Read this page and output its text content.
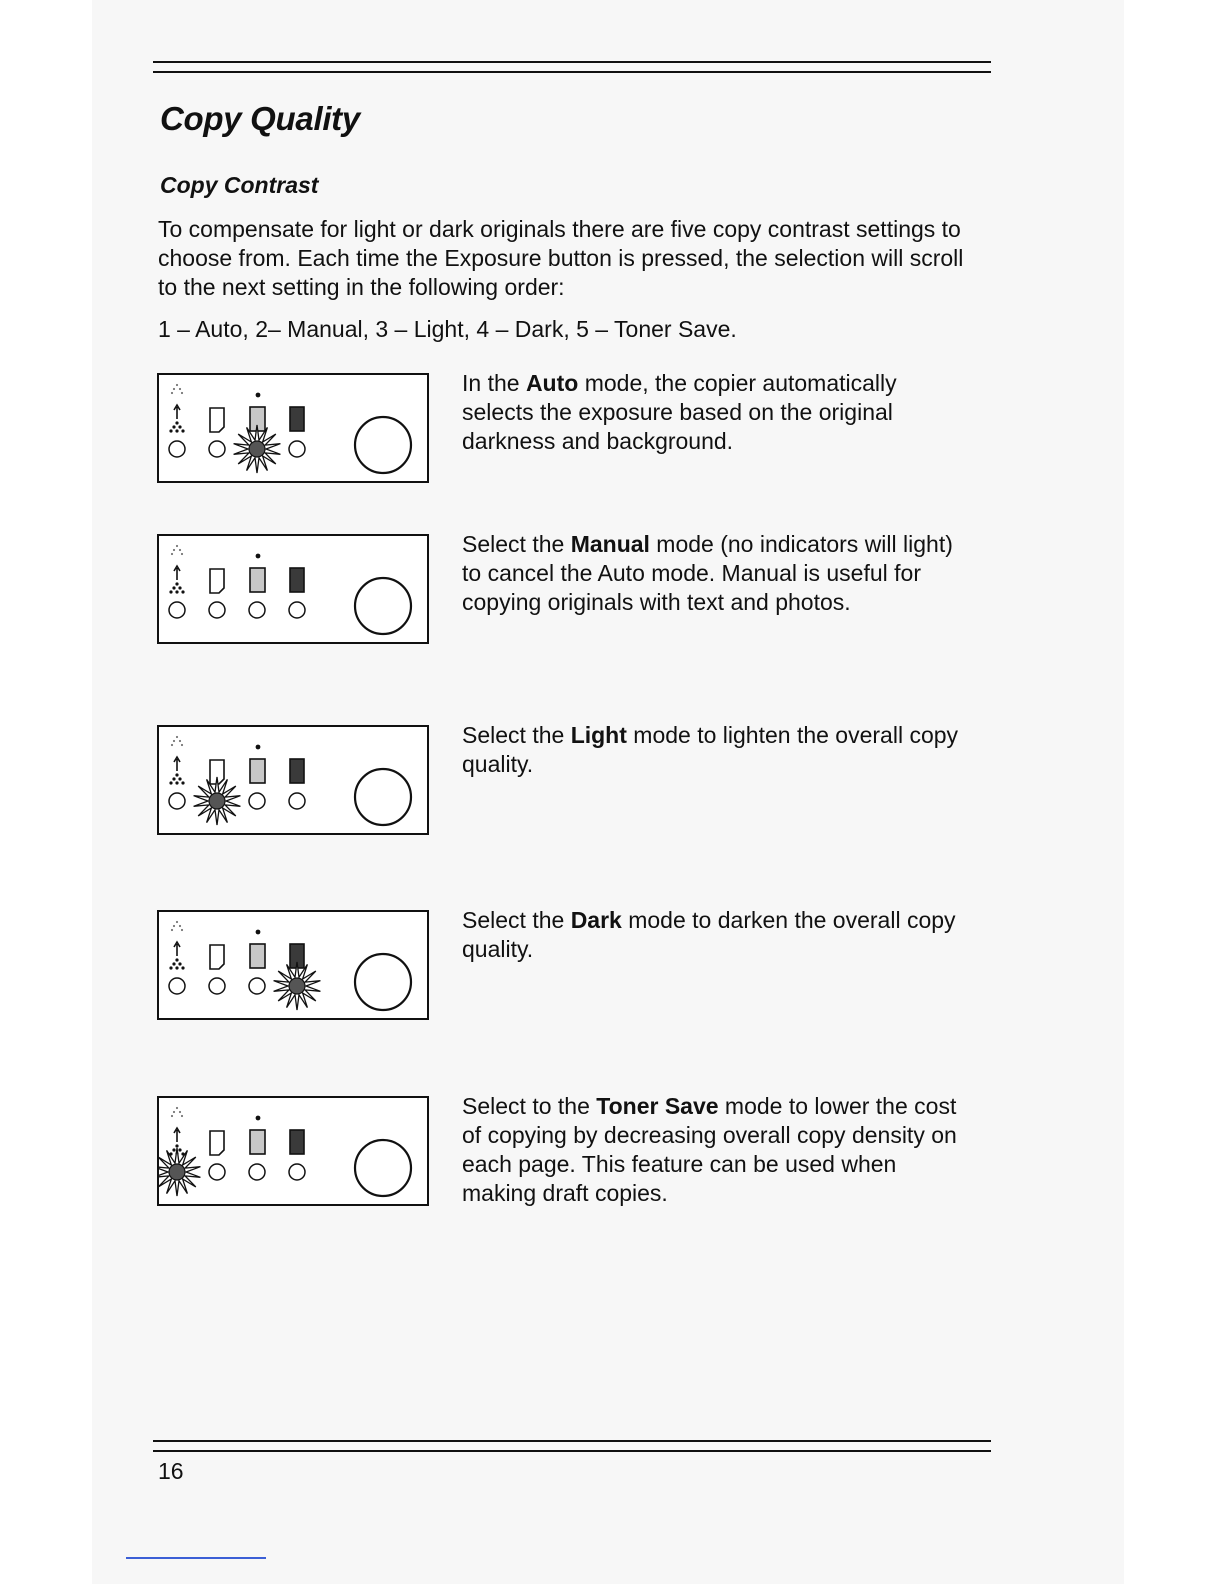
Copy Quality
Copy Contrast

To compensate for light or dark originals there are five copy contrast settings to choose from. Each time the Exposure button is pressed, the selection will scroll to the next setting in the following order:

1 – Auto, 2– Manual, 3 – Light, 4 – Dark, 5 – Toner Save.

In the Auto mode, the copier automatically selects the exposure based on the original darkness and background.

Select the Manual mode (no indicators will light) to cancel the Auto mode. Manual is useful for copying originals with text and photos.

Select the Light mode to lighten the overall copy quality.

Select the Dark mode to darken the overall copy quality.

Select to the Toner Save mode to lower the cost of copying by decreasing overall copy density on each page. This feature can be used when making draft copies.

16
